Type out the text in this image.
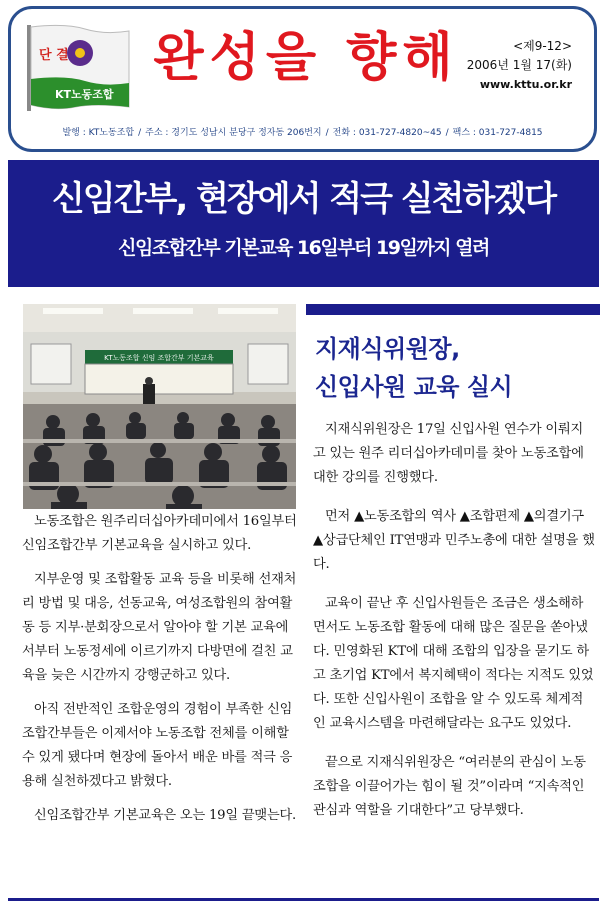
단 결
KT노동조합
완성을 향해	<제9-12>
2006년 1월 17(화)
www.kttu.or.kr
발행 : KT노동조합 / 주소 : 경기도 성남시 분당구 정자동 206번지 / 전화 : 031-727-4820~45 / 팩스 : 031-727-4815
신임간부, 현장에서 적극 실천하겠다
신임조합간부 기본교육 16일부터 19일까지 열려
KT노동조합 신임 조합간부 기본교육

노동조합은 원주리더십아카데미에서 16일부터 신임조합간부 기본교육을 실시하고 있다.

지부운영 및 조합활동 교육 등을 비롯해 선재처리 방법 및 대응, 선동교육, 여성조합원의 참여활동 등 지부·분회장으로서 알아야 할 기본 교육에서부터 노동정세에 이르기까지 다방면에 걸친 교육을 늦은 시간까지 강행군하고 있다.

아직 전반적인 조합운영의 경험이 부족한 신임조합간부들은 이제서야 노동조합 전체를 이해할 수 있게 됐다며 현장에 돌아서 배운 바를 적극 응용해 실천하겠다고 밝혔다.

신임조합간부 기본교육은 오는 19일 끝맺는다.

지재식위원장,
신입사원 교육 실시

지재식위원장은 17일 신입사원 연수가 이뤄지고 있는 원주 리더십아카데미를 찾아 노동조합에 대한 강의를 진행했다.

먼저 ▲노동조합의 역사 ▲조합편제 ▲의결기구 ▲상급단체인 IT연맹과 민주노총에 대한 설명을 했다.

교육이 끝난 후 신입사원들은 조금은 생소해하면서도 노동조합 활동에 대해 많은 질문을 쏟아냈다. 민영화된 KT에 대해 조합의 입장을 묻기도 하고 초기업 KT에서 복지혜택이 적다는 지적도 있었다. 또한 신입사원이 조합을 알 수 있도록 체계적인 교육시스템을 마련해달라는 요구도 있었다.

끝으로 지재식위원장은 “여러분의 관심이 노동조합을 이끌어가는 힘이 될 것”이라며 “지속적인 관심과 역할을 기대한다”고 당부했다.
